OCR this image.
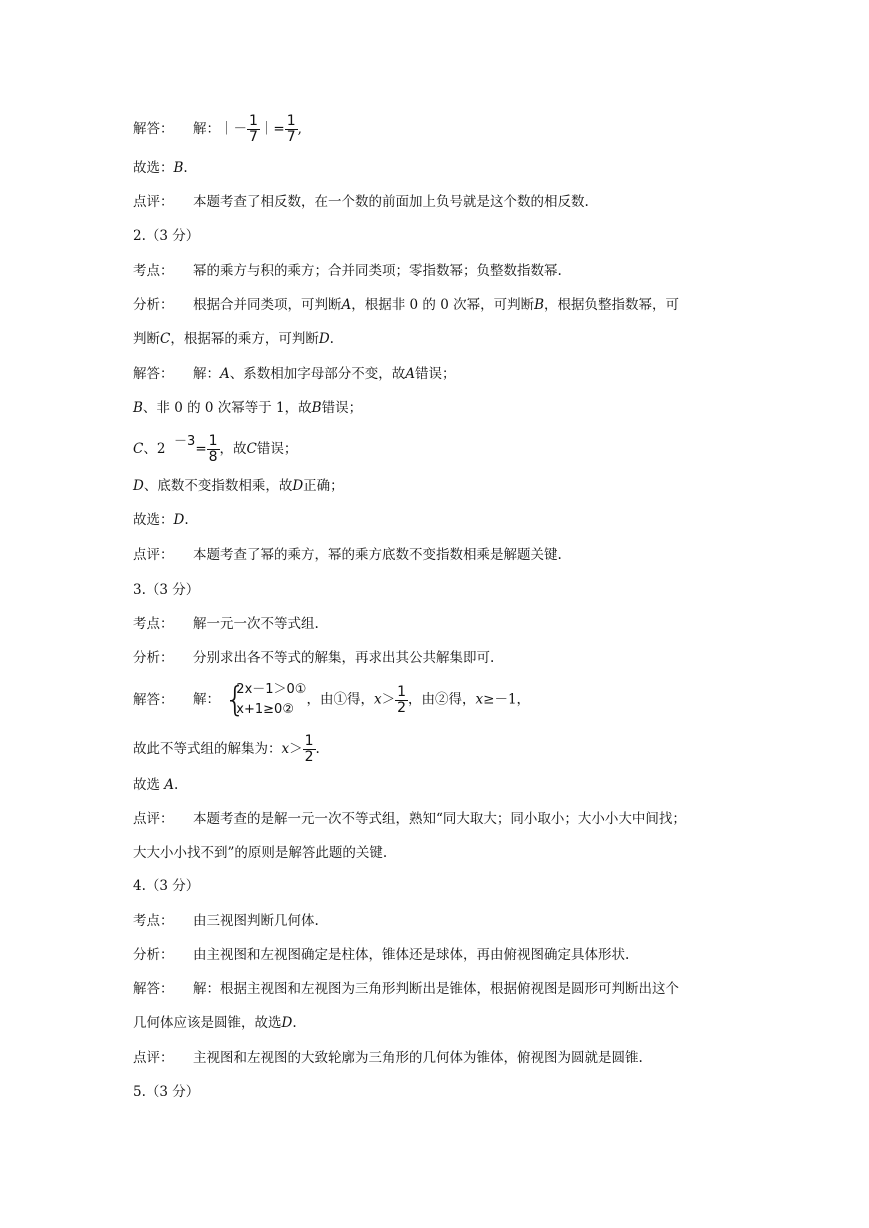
解答： 解：｜－ $\frac{1}{7}$ ｜= $\frac{1}{7}$ ,
故选：B.
点评： 本题考查了相反数，在一个数的前面加上负号就是这个数的相反数.
2.（3 分）
考点： 幂的乘方与积的乘方；合并同类项；零指数幂；负整数指数幂.
分析： 根据合并同类项，可判断A，根据非 0 的 0 次幂，可判断B，根据负整指数幂，可
判断C，根据幂的乘方，可判断D.
解答： 解：A、系数相加字母部分不变，故A错误；
B、非 0 的 0 次幂等于 1，故B错误；
C、$2 -3= \frac{1}{8}$ ，故C错误；
D、底数不变指数相乘，故D正确；
故选：D.
点评： 本题考查了幂的乘方，幂的乘方底数不变指数相乘是解题关键.
3.（3 分）
考点： 解一元一次不等式组.
分析： 分别求出各不等式的解集，再求出其公共解集即可.
解答： 解： {
2x－1＞0①
x+1≥0②
，由①得，$x> \frac{1}{2}$ ，由②得，x≥－1，
故此不等式组的解集为：$x> \frac{1}{2}$ .
故选 A.
点评： 本题考查的是解一元一次不等式组，熟知“同大取大；同小取小；大小小大中间找；
大大小小找不到”的原则是解答此题的关键.
4.（3 分）
考点： 由三视图判断几何体.
分析： 由主视图和左视图确定是柱体，锥体还是球体，再由俯视图确定具体形状.
解答： 解：根据主视图和左视图为三角形判断出是锥体，根据俯视图是圆形可判断出这个
几何体应该是圆锥，故选D.
点评： 主视图和左视图的大致轮廓为三角形的几何体为锥体，俯视图为圆就是圆锥.
5.（3 分）
